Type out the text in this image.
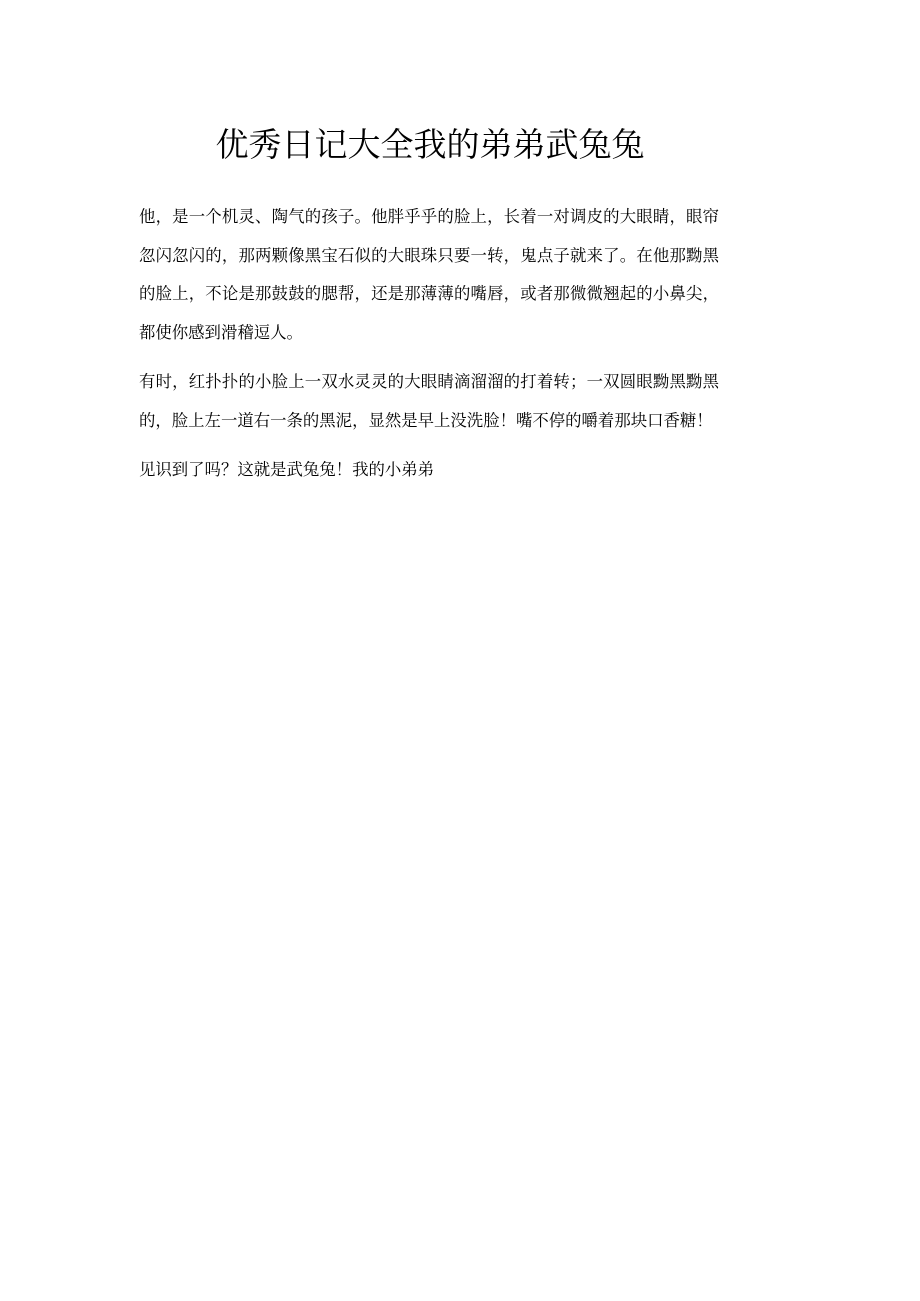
优秀日记大全我的弟弟武兔兔

他，是一个机灵、陶气的孩子。他胖乎乎的脸上，长着一对调皮的大眼睛，眼帘忽闪忽闪的，那两颗像黑宝石似的大眼珠只要一转，鬼点子就来了。在他那黝黑的脸上，不论是那鼓鼓的腮帮，还是那薄薄的嘴唇，或者那微微翘起的小鼻尖，都使你感到滑稽逗人。

有时，红扑扑的小脸上一双水灵灵的大眼睛滴溜溜的打着转；一双圆眼黝黑黝黑的，脸上左一道右一条的黑泥，显然是早上没洗脸！嘴不停的嚼着那块口香糖！

见识到了吗？这就是武兔兔！我的小弟弟
